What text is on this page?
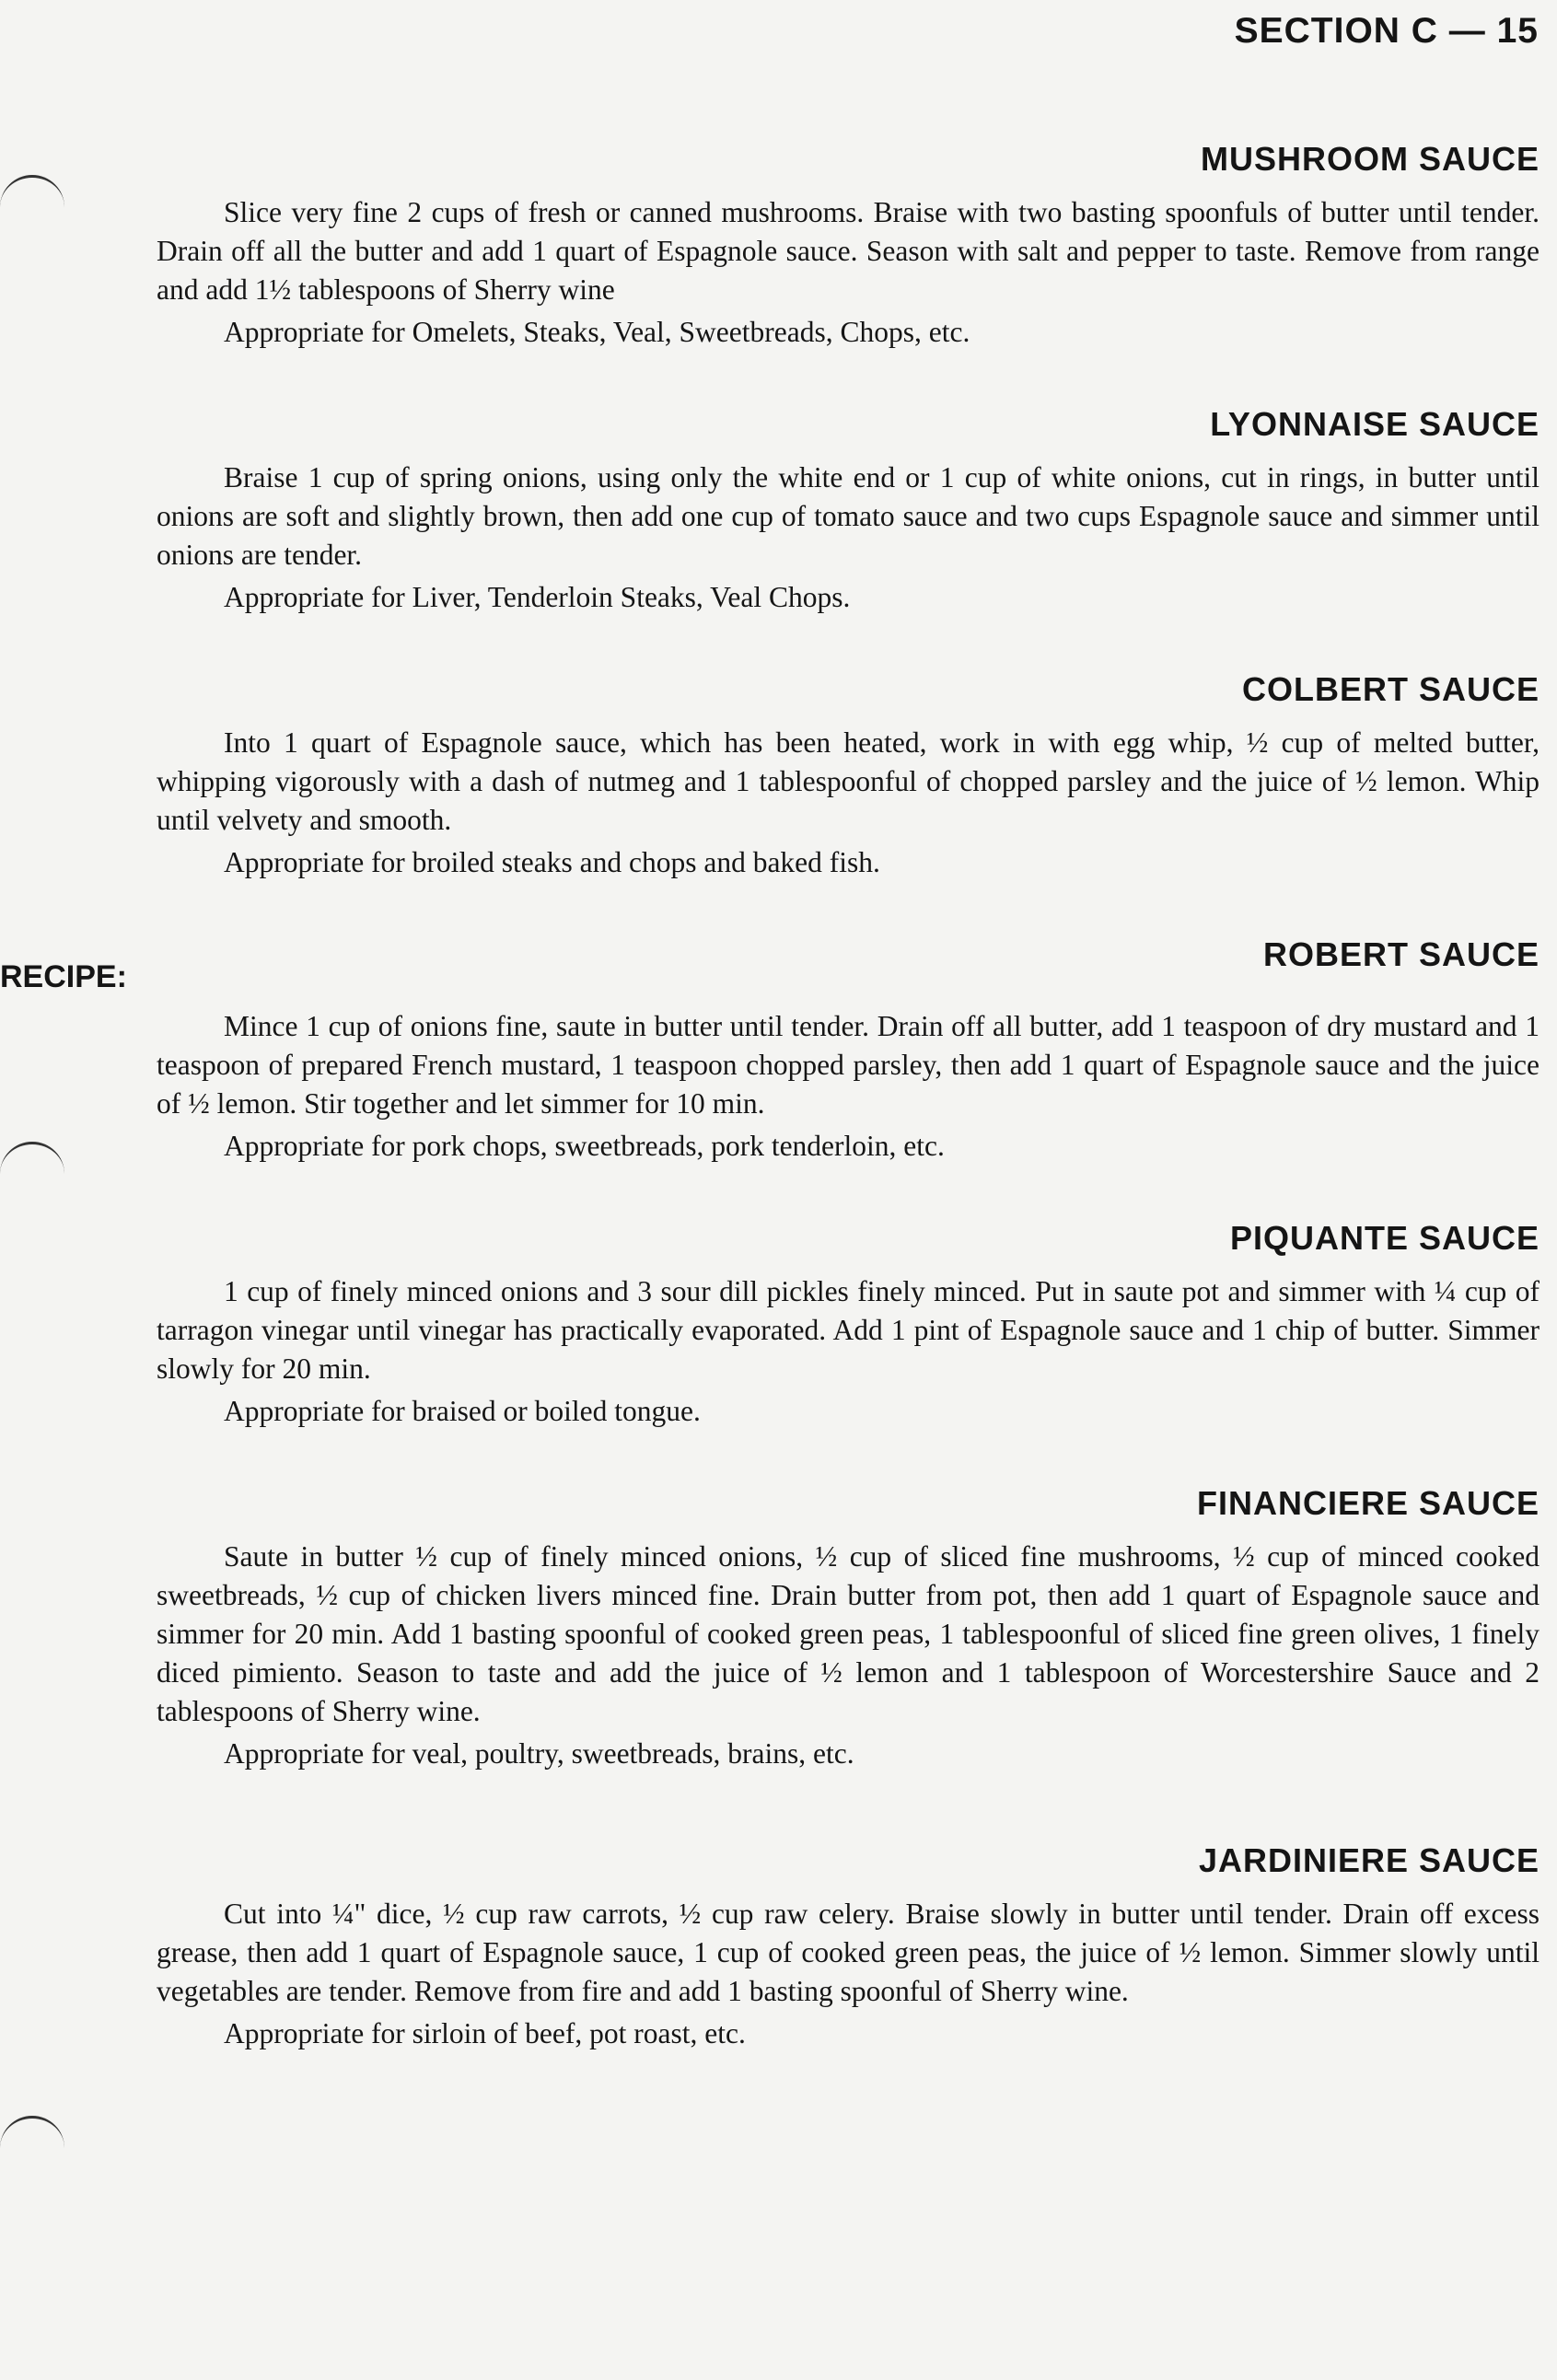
SECTION C — 15
MUSHROOM SAUCE

Slice very fine 2 cups of fresh or canned mushrooms. Braise with two basting spoonfuls of butter until tender. Drain off all the butter and add 1 quart of Espagnole sauce. Season with salt and pepper to taste. Remove from range and add 1½ tablespoons of Sherry wine

Appropriate for Omelets, Steaks, Veal, Sweetbreads, Chops, etc.

LYONNAISE SAUCE

Braise 1 cup of spring onions, using only the white end or 1 cup of white onions, cut in rings, in butter until onions are soft and slightly brown, then add one cup of tomato sauce and two cups Espagnole sauce and simmer until onions are tender.

Appropriate for Liver, Tenderloin Steaks, Veal Chops.

COLBERT SAUCE

Into 1 quart of Espagnole sauce, which has been heated, work in with egg whip, ½ cup of melted butter, whipping vigorously with a dash of nutmeg and 1 tablespoonful of chopped parsley and the juice of ½ lemon. Whip until velvety and smooth.

Appropriate for broiled steaks and chops and baked fish.

ROBERT SAUCE
RECIPE:

Mince 1 cup of onions fine, saute in butter until tender. Drain off all butter, add 1 teaspoon of dry mustard and 1 teaspoon of prepared French mustard, 1 teaspoon chopped parsley, then add 1 quart of Espagnole sauce and the juice of ½ lemon. Stir together and let simmer for 10 min.

Appropriate for pork chops, sweetbreads, pork tenderloin, etc.

PIQUANTE SAUCE

1 cup of finely minced onions and 3 sour dill pickles finely minced. Put in saute pot and simmer with ¼ cup of tarragon vinegar until vinegar has practically evaporated. Add 1 pint of Espagnole sauce and 1 chip of butter. Simmer slowly for 20 min.

Appropriate for braised or boiled tongue.

FINANCIERE SAUCE

Saute in butter ½ cup of finely minced onions, ½ cup of sliced fine mushrooms, ½ cup of minced cooked sweetbreads, ½ cup of chicken livers minced fine. Drain butter from pot, then add 1 quart of Espagnole sauce and simmer for 20 min. Add 1 basting spoonful of cooked green peas, 1 tablespoonful of sliced fine green olives, 1 finely diced pimiento. Season to taste and add the juice of ½ lemon and 1 tablespoon of Worcestershire Sauce and 2 tablespoons of Sherry wine.

Appropriate for veal, poultry, sweetbreads, brains, etc.

JARDINIERE SAUCE

Cut into ¼" dice, ½ cup raw carrots, ½ cup raw celery. Braise slowly in butter until tender. Drain off excess grease, then add 1 quart of Espagnole sauce, 1 cup of cooked green peas, the juice of ½ lemon. Simmer slowly until vegetables are tender. Remove from fire and add 1 basting spoonful of Sherry wine.

Appropriate for sirloin of beef, pot roast, etc.
